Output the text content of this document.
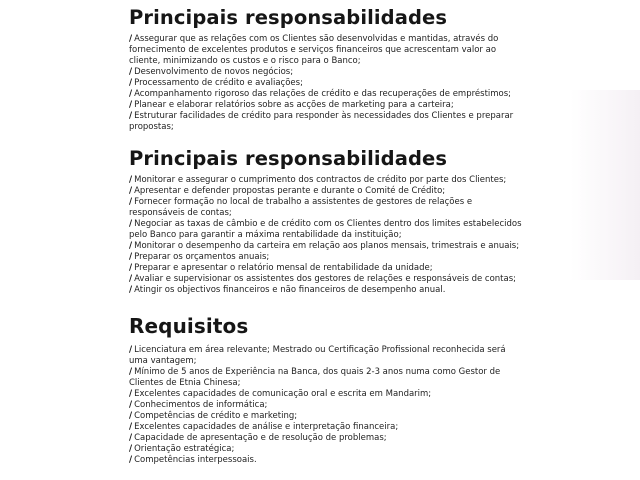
Principais responsabilidades
/ Assegurar que as relações com os Clientes são desenvolvidas e mantidas, através do fornecimento de excelentes produtos e serviços financeiros que acrescentam valor ao cliente, minimizando os custos e o risco para o Banco;
/ Desenvolvimento de novos negócios;
/ Processamento de crédito e avaliações;
/ Acompanhamento rigoroso das relações de crédito e das recuperações de empréstimos;
/ Planear e elaborar relatórios sobre as acções de marketing para a carteira;
/ Estruturar facilidades de crédito para responder às necessidades dos Clientes e preparar propostas;
Principais responsabilidades
/ Monitorar e assegurar o cumprimento dos contractos de crédito por parte dos Clientes;
/ Apresentar e defender propostas perante e durante o Comité de Crédito;
/ Fornecer formação no local de trabalho a assistentes de gestores de relações e responsáveis de contas;
/ Negociar as taxas de câmbio e de crédito com os Clientes dentro dos limites estabelecidos pelo Banco para garantir a máxima rentabilidade da instituição;
/ Monitorar o desempenho da carteira em relação aos planos mensais, trimestrais e anuais;
/ Preparar os orçamentos anuais;
/ Preparar e apresentar o relatório mensal de rentabilidade da unidade;
/ Avaliar e supervisionar os assistentes dos gestores de relações e responsáveis de contas;
/ Atingir os objectivos financeiros e não financeiros de desempenho anual.
Requisitos
/ Licenciatura em área relevante; Mestrado ou Certificação Profissional reconhecida será uma vantagem;
/ Mínimo de 5 anos de Experiência na Banca, dos quais 2-3 anos numa como Gestor de Clientes de Etnia Chinesa;
/ Excelentes capacidades de comunicação oral e escrita em Mandarim;
/ Conhecimentos de informática;
/ Competências de crédito e marketing;
/ Excelentes capacidades de análise e interpretação financeira;
/ Capacidade de apresentação e de resolução de problemas;
/ Orientação estratégica;
/ Competências interpessoais.
